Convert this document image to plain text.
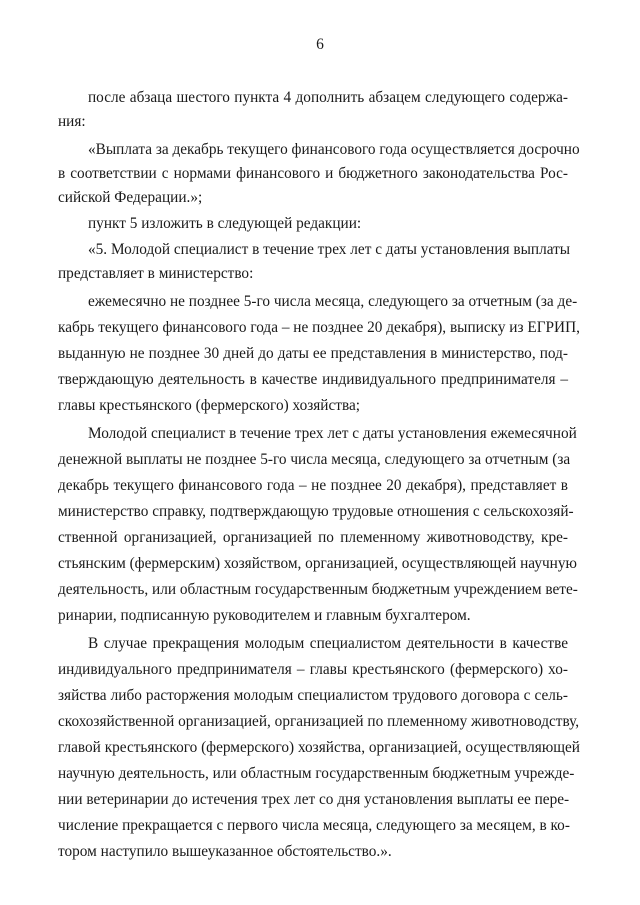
6
после абзаца шестого пункта 4 дополнить абзацем следующего содержа-
ния:
«Выплата за декабрь текущего финансового года осуществляется досрочно
в соответствии с нормами финансового и бюджетного законодательства Рос-
сийской Федерации.»;
пункт 5 изложить в следующей редакции:
«5. Молодой специалист в течение трех лет с даты установления выплаты
представляет в министерство:
ежемесячно не позднее 5-го числа месяца, следующего за отчетным (за де-
кабрь текущего финансового года – не позднее 20 декабря), выписку из ЕГРИП,
выданную не позднее 30 дней до даты ее представления в министерство, под-
тверждающую деятельность в качестве индивидуального предпринимателя –
главы крестьянского (фермерского) хозяйства;
Молодой специалист в течение трех лет с даты установления ежемесячной
денежной выплаты не позднее 5-го числа месяца, следующего за отчетным (за
декабрь текущего финансового года – не позднее 20 декабря), представляет в
министерство справку, подтверждающую трудовые отношения с сельскохозяй-
ственной организацией, организацией по племенному животноводству, кре-
стьянским (фермерским) хозяйством, организацией, осуществляющей научную
деятельность, или областным государственным бюджетным учреждением вете-
ринарии, подписанную руководителем и главным бухгалтером.
В случае прекращения молодым специалистом деятельности в качестве
индивидуального предпринимателя – главы крестьянского (фермерского) хо-
зяйства либо расторжения молодым специалистом трудового договора с сель-
скохозяйственной организацией, организацией по племенному животноводству,
главой крестьянского (фермерского) хозяйства, организацией, осуществляющей
научную деятельность, или областным государственным бюджетным учрежде-
нии ветеринарии до истечения трех лет со дня установления выплаты ее пере-
числение прекращается с первого числа месяца, следующего за месяцем, в ко-
тором наступило вышеуказанное обстоятельство.».
